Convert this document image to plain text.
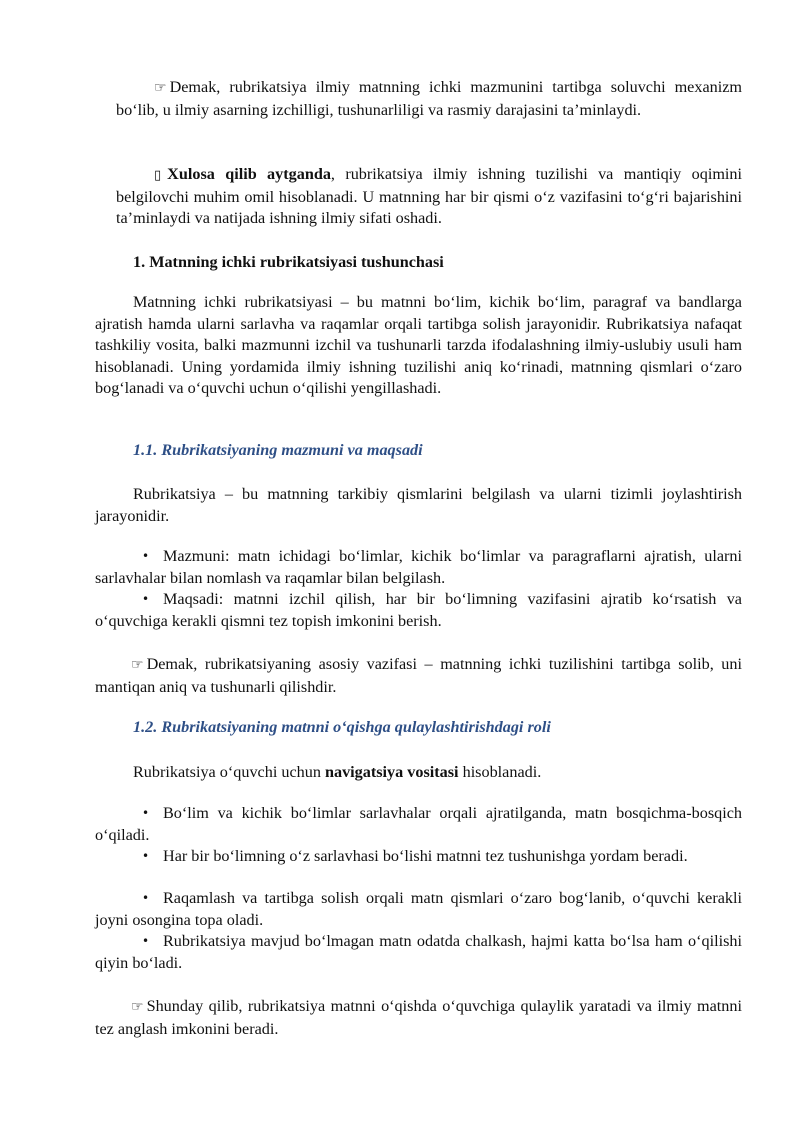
☞ Demak, rubrikatsiya ilmiy matnning ichki mazmunini tartibga soluvchi mexanizm bo‘lib, u ilmiy asarning izchilligi, tushunarliligi va rasmiy darajasini ta’minlaydi.
▯ Xulosa qilib aytganda, rubrikatsiya ilmiy ishning tuzilishi va mantiqiy oqimini belgilovchi muhim omil hisoblanadi. U matnning har bir qismi o‘z vazifasini to‘g‘ri bajarishini ta’minlaydi va natijada ishning ilmiy sifati oshadi.
1. Matnning ichki rubrikatsiyasi tushunchasi
Matnning ichki rubrikatsiyasi – bu matnni bo‘lim, kichik bo‘lim, paragraf va bandlarga ajratish hamda ularni sarlavha va raqamlar orqali tartibga solish jarayonidir. Rubrikatsiya nafaqat tashkiliy vosita, balki mazmunni izchil va tushunarli tarzda ifodalashning ilmiy-uslubiy usuli ham hisoblanadi. Uning yordamida ilmiy ishning tuzilishi aniq ko‘rinadi, matnning qismlari o‘zaro bog‘lanadi va o‘quvchi uchun o‘qilishi yengillashadi.
1.1. Rubrikatsiyaning mazmuni va maqsadi
Rubrikatsiya – bu matnning tarkibiy qismlarini belgilash va ularni tizimli joylashtirish jarayonidir.
• Mazmuni: matn ichidagi bo‘limlar, kichik bo‘limlar va paragraflarni ajratish, ularni sarlavhalar bilan nomlash va raqamlar bilan belgilash.
• Maqsadi: matnni izchil qilish, har bir bo‘limning vazifasini ajratib ko‘rsatish va o‘quvchiga kerakli qismni tez topish imkonini berish.
☞ Demak, rubrikatsiyaning asosiy vazifasi – matnning ichki tuzilishini tartibga solib, uni mantiqan aniq va tushunarli qilishdir.
1.2. Rubrikatsiyaning matnni o‘qishga qulaylashtirishdagi roli
Rubrikatsiya o‘quvchi uchun navigatsiya vositasi hisoblanadi.
• Bo‘lim va kichik bo‘limlar sarlavhalar orqali ajratilganda, matn bosqichma-bosqich o‘qiladi.
• Har bir bo‘limning o‘z sarlavhasi bo‘lishi matnni tez tushunishga yordam beradi.
• Raqamlash va tartibga solish orqali matn qismlari o‘zaro bog‘lanib, o‘quvchi kerakli joyni osongina topa oladi.
• Rubrikatsiya mavjud bo‘lmagan matn odatda chalkash, hajmi katta bo‘lsa ham o‘qilishi qiyin bo‘ladi.
☞ Shunday qilib, rubrikatsiya matnni o‘qishda o‘quvchiga qulaylik yaratadi va ilmiy matnni tez anglash imkonini beradi.
